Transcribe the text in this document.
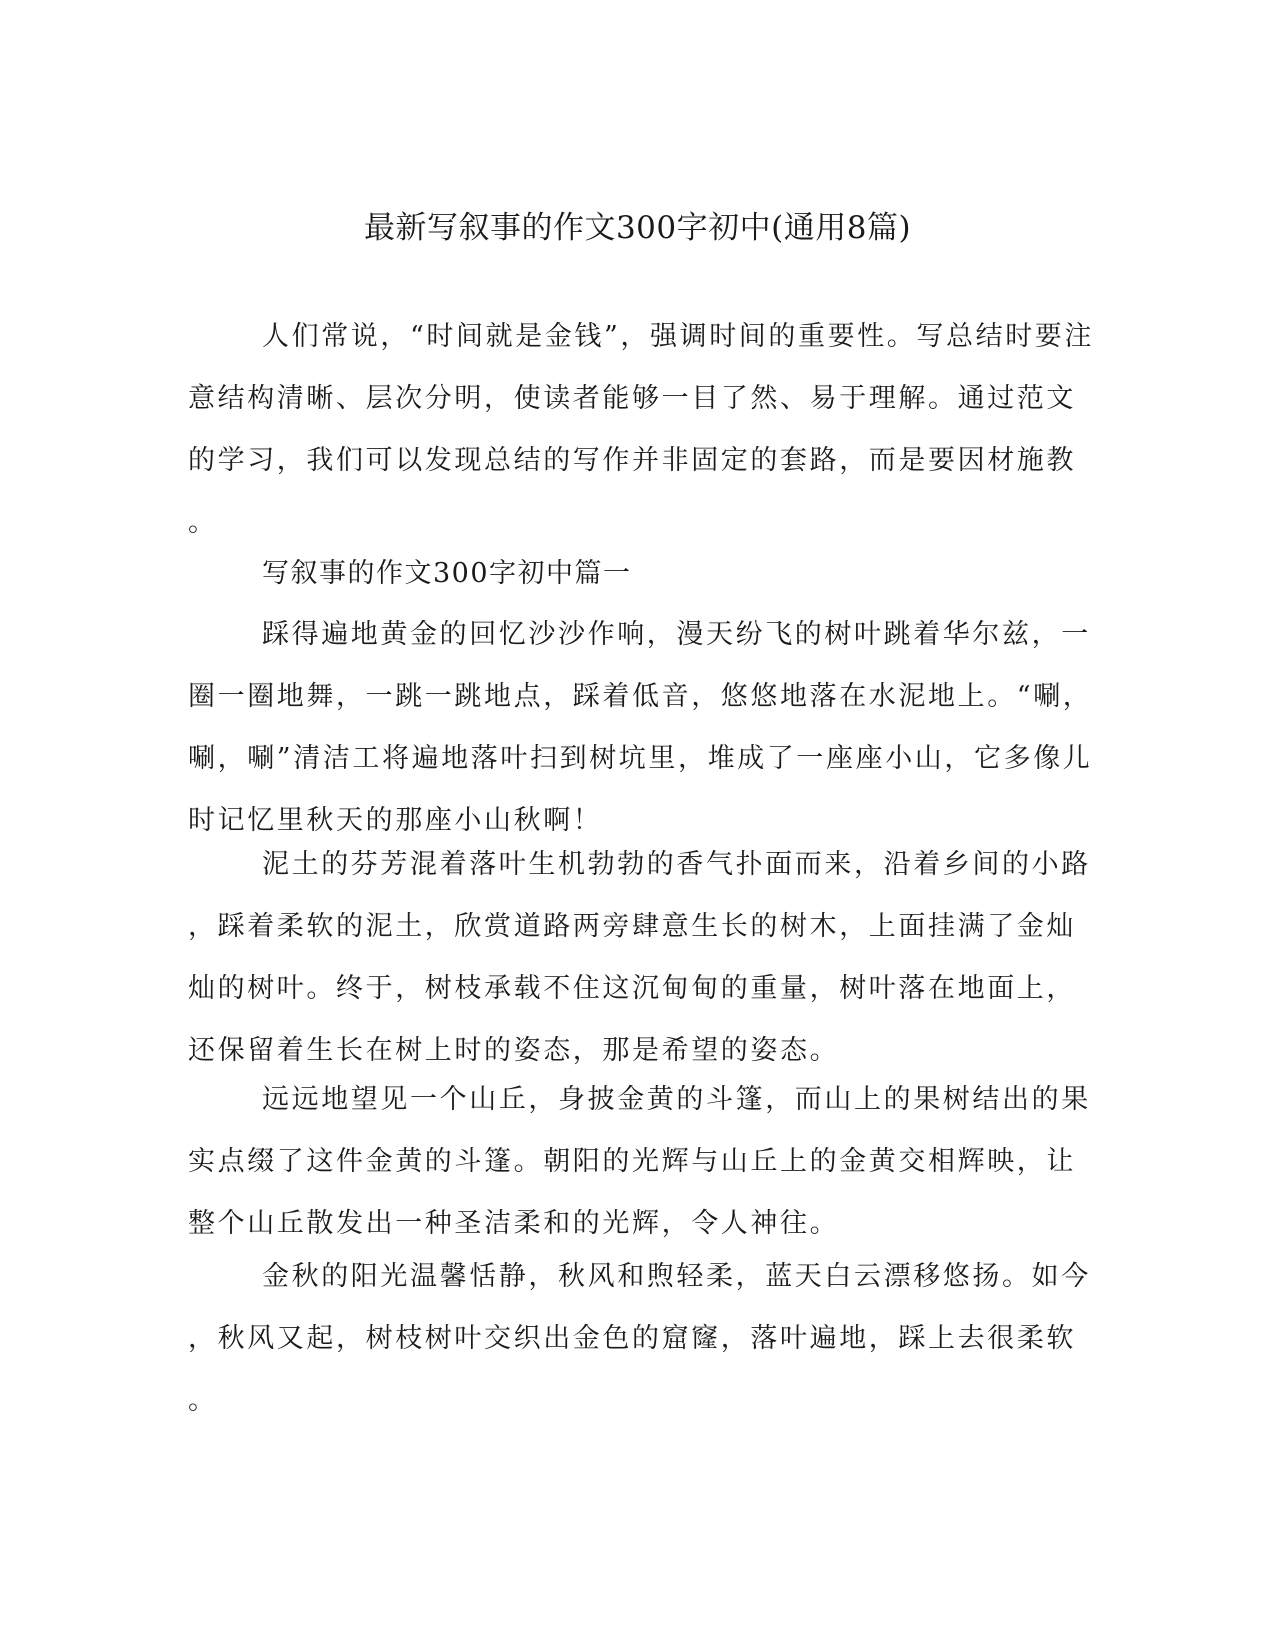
最新写叙事的作文300字初中(通用8篇)
人们常说，“时间就是金钱”，强调时间的重要性。写总结时要注
意结构清晰、层次分明，使读者能够一目了然、易于理解。通过范文
的学习，我们可以发现总结的写作并非固定的套路，而是要因材施教
。
写叙事的作文300字初中篇一
踩得遍地黄金的回忆沙沙作响，漫天纷飞的树叶跳着华尔兹，一
圈一圈地舞，一跳一跳地点，踩着低音，悠悠地落在水泥地上。“唰，
唰，唰”清洁工将遍地落叶扫到树坑里，堆成了一座座小山，它多像儿
时记忆里秋天的那座小山秋啊！
泥土的芬芳混着落叶生机勃勃的香气扑面而来，沿着乡间的小路
，踩着柔软的泥土，欣赏道路两旁肆意生长的树木，上面挂满了金灿
灿的树叶。终于，树枝承载不住这沉甸甸的重量，树叶落在地面上，
还保留着生长在树上时的姿态，那是希望的姿态。
远远地望见一个山丘，身披金黄的斗篷，而山上的果树结出的果
实点缀了这件金黄的斗篷。朝阳的光辉与山丘上的金黄交相辉映，让
整个山丘散发出一种圣洁柔和的光辉，令人神往。
金秋的阳光温馨恬静，秋风和煦轻柔，蓝天白云漂移悠扬。如今
，秋风又起，树枝树叶交织出金色的窟窿，落叶遍地，踩上去很柔软
。
